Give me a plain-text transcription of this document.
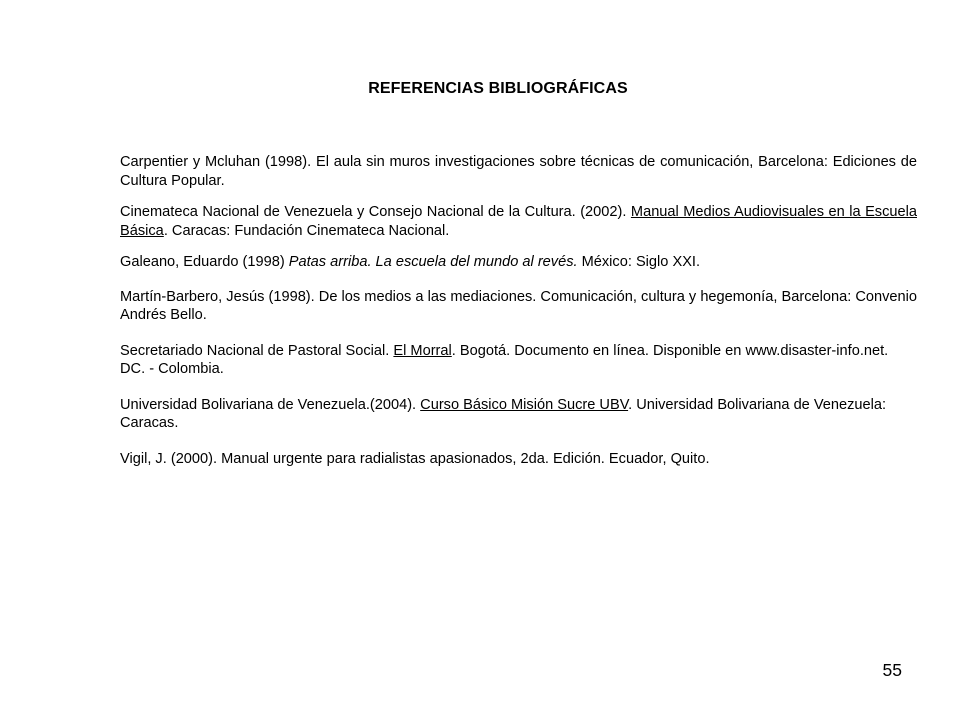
REFERENCIAS BIBLIOGRÁFICAS

Carpentier y Mcluhan (1998). El aula sin muros investigaciones sobre técnicas de comunicación, Barcelona: Ediciones de Cultura Popular.

Cinemateca Nacional de Venezuela y Consejo Nacional de la Cultura. (2002). Manual Medios Audiovisuales en la Escuela Básica. Caracas: Fundación Cinemateca Nacional.

Galeano, Eduardo (1998) Patas arriba. La escuela del mundo al revés. México: Siglo XXI.

Martín-Barbero, Jesús (1998). De los medios a las mediaciones. Comunicación, cultura y hegemonía, Barcelona: Convenio Andrés Bello.

Secretariado Nacional de Pastoral Social. El Morral. Bogotá. Documento en línea. Disponible en www.disaster-info.net. DC. - Colombia.

Universidad Bolivariana de Venezuela.(2004). Curso Básico Misión Sucre UBV. Universidad Bolivariana de Venezuela: Caracas.

Vigil, J. (2000). Manual urgente para radialistas apasionados, 2da. Edición. Ecuador, Quito.

55
